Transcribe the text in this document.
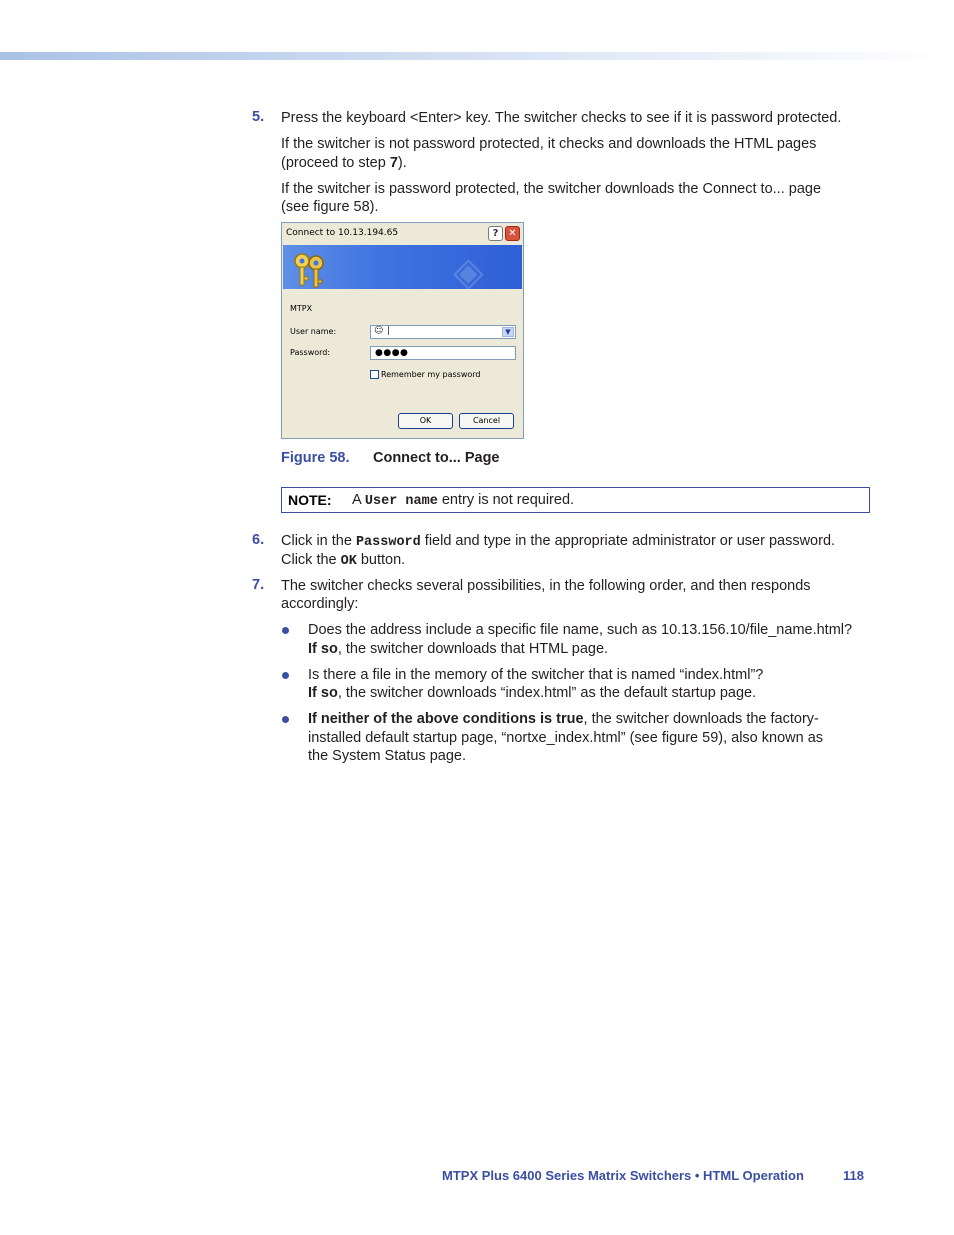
5. Press the keyboard <Enter> key. The switcher checks to see if it is password protected.
If the switcher is not password protected, it checks and downloads the HTML pages
(proceed to step 7).
If the switcher is password protected, the switcher downloads the Connect to... page
(see figure 58).
Connect to 10.13.194.65	? ✕
◈
MTPX
User name:	☺ |	▼
Password:	●●●●
Remember my password
OK	Cancel
Figure 58. Connect to... Page
NOTE: A User name entry is not required.
6. Click in the Password field and type in the appropriate administrator or user password.
Click the OK button.
7. The switcher checks several possibilities, in the following order, and then responds
accordingly:
Does the address include a specific file name, such as 10.13.156.10/file_name.html?
If so, the switcher downloads that HTML page.
Is there a file in the memory of the switcher that is named “index.html”?
If so, the switcher downloads “index.html” as the default startup page.
If neither of the above conditions is true, the switcher downloads the factory-
installed default startup page, “nortxe_index.html” (see figure 59), also known as
the System Status page.
MTPX Plus 6400 Series Matrix Switchers • HTML Operation	118
